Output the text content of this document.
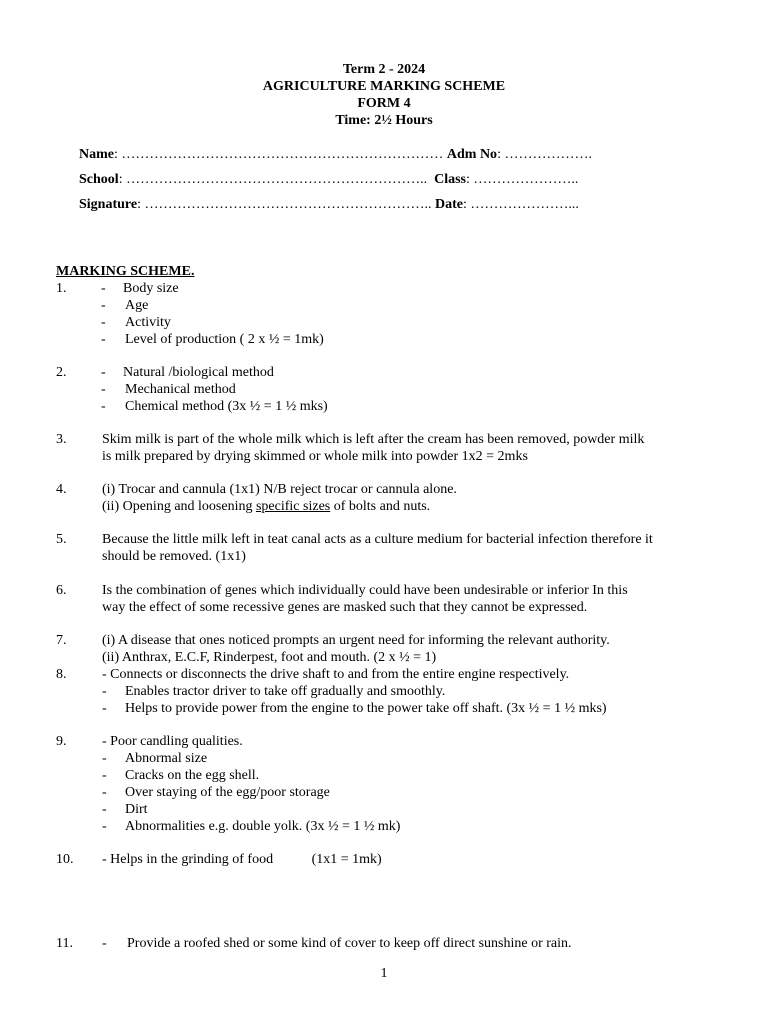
Term 2 - 2024
AGRICULTURE MARKING SCHEME
FORM 4
Time: 2½ Hours
Name: …………………………………………………………… Adm No: ……………….
School: ……………………………………………………….. Class: …………………..
Signature: …………………………………………………….. Date: …………………...
MARKING SCHEME.
1. - Body size
- Age
- Activity
- Level of production ( 2 x ½ = 1mk)
2. - Natural /biological method
- Mechanical method
- Chemical method (3x ½ = 1 ½ mks)
3.	Skim milk is part of the whole milk which is left after the cream has been removed, powder milk
is milk prepared by drying skimmed or whole milk into powder 1x2 = 2mks
4.	(i) Trocar and cannula (1x1) N/B reject trocar or cannula alone.
(ii) Opening and loosening specific sizes of bolts and nuts.
5.	Because the little milk left in teat canal acts as a culture medium for bacterial infection therefore it
should be removed. (1x1)
6.	Is the combination of genes which individually could have been undesirable or inferior In this
way the effect of some recessive genes are masked such that they cannot be expressed.
7.	(i) A disease that ones noticed prompts an urgent need for informing the relevant authority.
(ii) Anthrax, E.C.F, Rinderpest, foot and mouth. (2 x ½ = 1)
8.	- Connects or disconnects the drive shaft to and from the entire engine respectively.
- Enables tractor driver to take off gradually and smoothly.
- Helps to provide power from the engine to the power take off shaft. (3x ½ = 1 ½ mks)
9.	- Poor candling qualities.
- Abnormal size
- Cracks on the egg shell.
- Over staying of the egg/poor storage
- Dirt
- Abnormalities e.g. double yolk. (3x ½ = 1 ½ mk)
10. - Helps in the grinding of food           (1x1 = 1mk)
11. - Provide a roofed shed or some kind of cover to keep off direct sunshine or rain.
1
